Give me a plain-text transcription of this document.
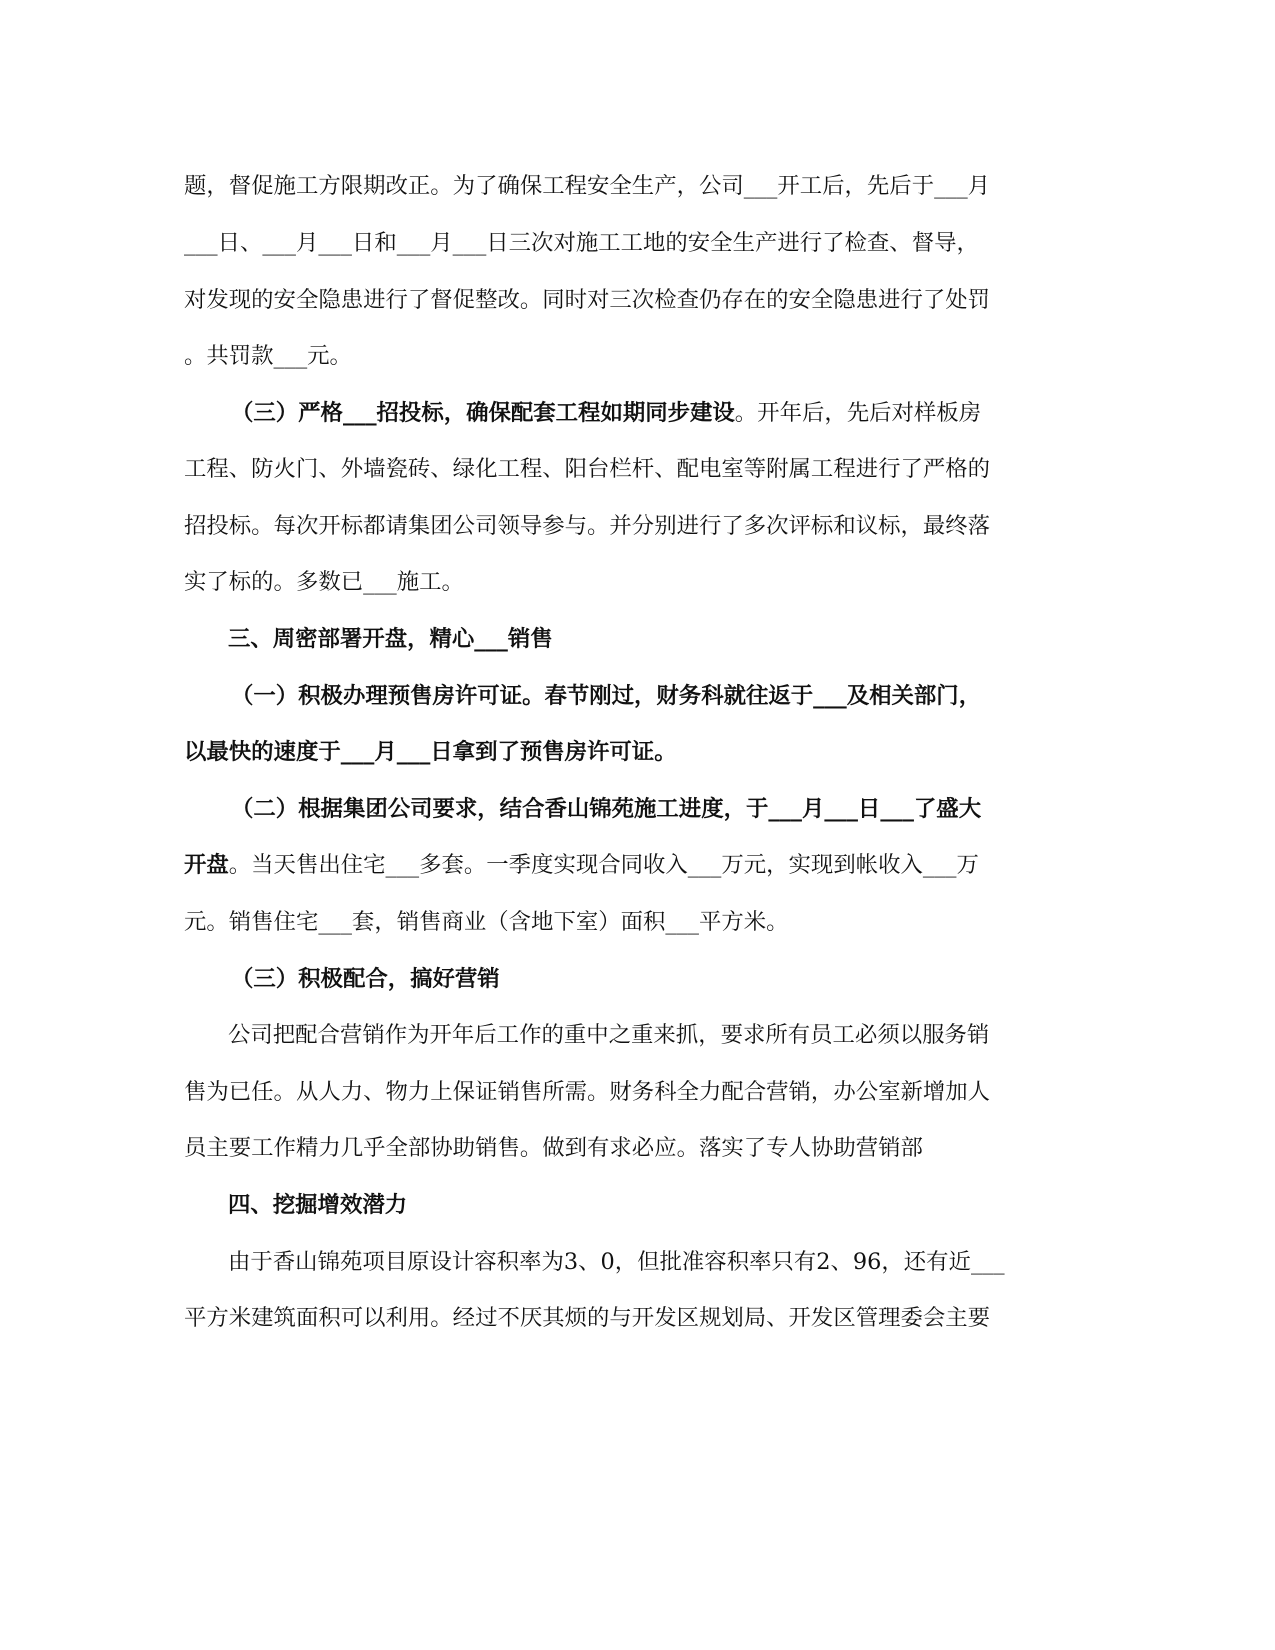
题，督促施工方限期改正。为了确保工程安全生产，公司___开工后，先后于___月
___日、___月___日和___月___日三次对施工工地的安全生产进行了检查、督导，
对发现的安全隐患进行了督促整改。同时对三次检查仍存在的安全隐患进行了处罚
。共罚款___元。
（三）严格___招投标，确保配套工程如期同步建设。开年后，先后对样板房
工程、防火门、外墙瓷砖、绿化工程、阳台栏杆、配电室等附属工程进行了严格的
招投标。每次开标都请集团公司领导参与。并分别进行了多次评标和议标，最终落
实了标的。多数已___施工。
三、周密部署开盘，精心___销售
（一）积极办理预售房许可证。春节刚过，财务科就往返于___及相关部门，
以最快的速度于___月___日拿到了预售房许可证。
（二）根据集团公司要求，结合香山锦苑施工进度，于___月___日___了盛大
开盘。当天售出住宅___多套。一季度实现合同收入___万元，实现到帐收入___万
元。销售住宅___套，销售商业（含地下室）面积___平方米。
（三）积极配合，搞好营销
公司把配合营销作为开年后工作的重中之重来抓，要求所有员工必须以服务销
售为已任。从人力、物力上保证销售所需。财务科全力配合营销，办公室新增加人
员主要工作精力几乎全部协助销售。做到有求必应。落实了专人协助营销部
四、挖掘增效潜力
由于香山锦苑项目原设计容积率为3、0，但批准容积率只有2、96，还有近___
平方米建筑面积可以利用。经过不厌其烦的与开发区规划局、开发区管理委会主要
